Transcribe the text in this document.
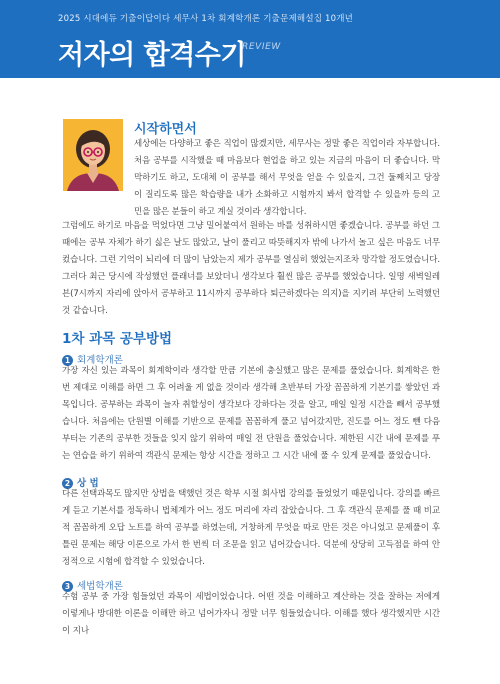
2025 시대에듀 기출이답이다 세무사 1차 회계학개론 기출문제해설집 10개년
저자의 합격수기
REVIEW
시작하면서

세상에는 다양하고 좋은 직업이 많겠지만, 세무사는 정말 좋은 직업이라 자부합니다. 처음 공부를 시작했을 때 마음보다 현업을 하고 있는 지금의 마음이 더 좋습니다. 막막하기도 하고, 도대체 이 공부를 해서 무엇을 얻을 수 있을지, 그건 둘째치고 당장 이 질리도록 많은 학습량을 내가 소화하고 시험까지 봐서 합격할 수 있을까 등의 고민을 많은 분들이 하고 계실 것이라 생각합니다.

그럼에도 하기로 마음을 먹었다면 그냥 밀어붙여서 원하는 바를 성취하시면 좋겠습니다. 공부를 하던 그 때에는 공부 자체가 하기 싫은 날도 많았고, 날이 풀리고 따뜻해지자 밖에 나가서 놀고 싶은 마음도 너무 컸습니다. 그런 기억이 뇌리에 더 많이 남았는지 제가 공부를 열심히 했었는지조차 망각할 정도였습니다. 그러다 최근 당시에 작성했던 플래너를 보았더니 생각보다 훨씬 많은 공부를 했었습니다. 일명 새벽일레븐(7시까지 자리에 앉아서 공부하고 11시까지 공부하다 퇴근하겠다는 의지)을 지키려 부단히 노력했던 것 같습니다.

1차 과목 공부방법
1 회계학개론

가장 자신 있는 과목이 회계학이라 생각할 만큼 기본에 충실했고 많은 문제를 풀었습니다. 회계학은 한 번 제대로 이해를 하면 그 후 어려울 게 없을 것이라 생각해 초반부터 가장 꼼꼼하게 기본기를 쌓았던 과목입니다. 공부하는 과목이 늘자 취할성이 생각보다 강하다는 것을 알고, 매일 일정 시간을 빼서 공부했습니다. 처음에는 단원별 이해를 기반으로 문제를 꼼꼼하게 풀고 넘어갔지만, 진도를 어느 정도 뺀 다음부터는 기존의 공부한 것들을 잊지 않기 위하여 매일 전 단원을 풀었습니다. 제한된 시간 내에 문제를 푸는 연습을 하기 위하여 객관식 문제는 항상 시간을 정하고 그 시간 내에 풀 수 있게 문제를 풀었습니다.

2 상 법

다른 선택과목도 많지만 상법을 택했던 것은 학부 시절 회사법 강의를 들었었기 때문입니다. 강의를 빠르게 듣고 기본서를 정독하니 법체계가 어느 정도 머리에 자리 잡았습니다. 그 후 객관식 문제를 풀 때 비교적 꼼꼼하게 오답 노트를 하여 공부를 하였는데, 거창하게 무엇을 따로 만든 것은 아니었고 문제풀이 후 틀린 문제는 해당 이론으로 가서 한 번씩 더 조문을 읽고 넘어갔습니다. 덕분에 상당히 고득점을 하여 안정적으로 시험에 합격할 수 있었습니다.

3 세법학개론

수험 공부 중 가장 힘들었던 과목이 세법이었습니다. 어떤 것을 이해하고 계산하는 것을 잘하는 저에게 이렇게나 방대한 이론을 이해만 하고 넘어가자니 정말 너무 힘들었습니다. 이해를 했다 생각했지만 시간이 지나
